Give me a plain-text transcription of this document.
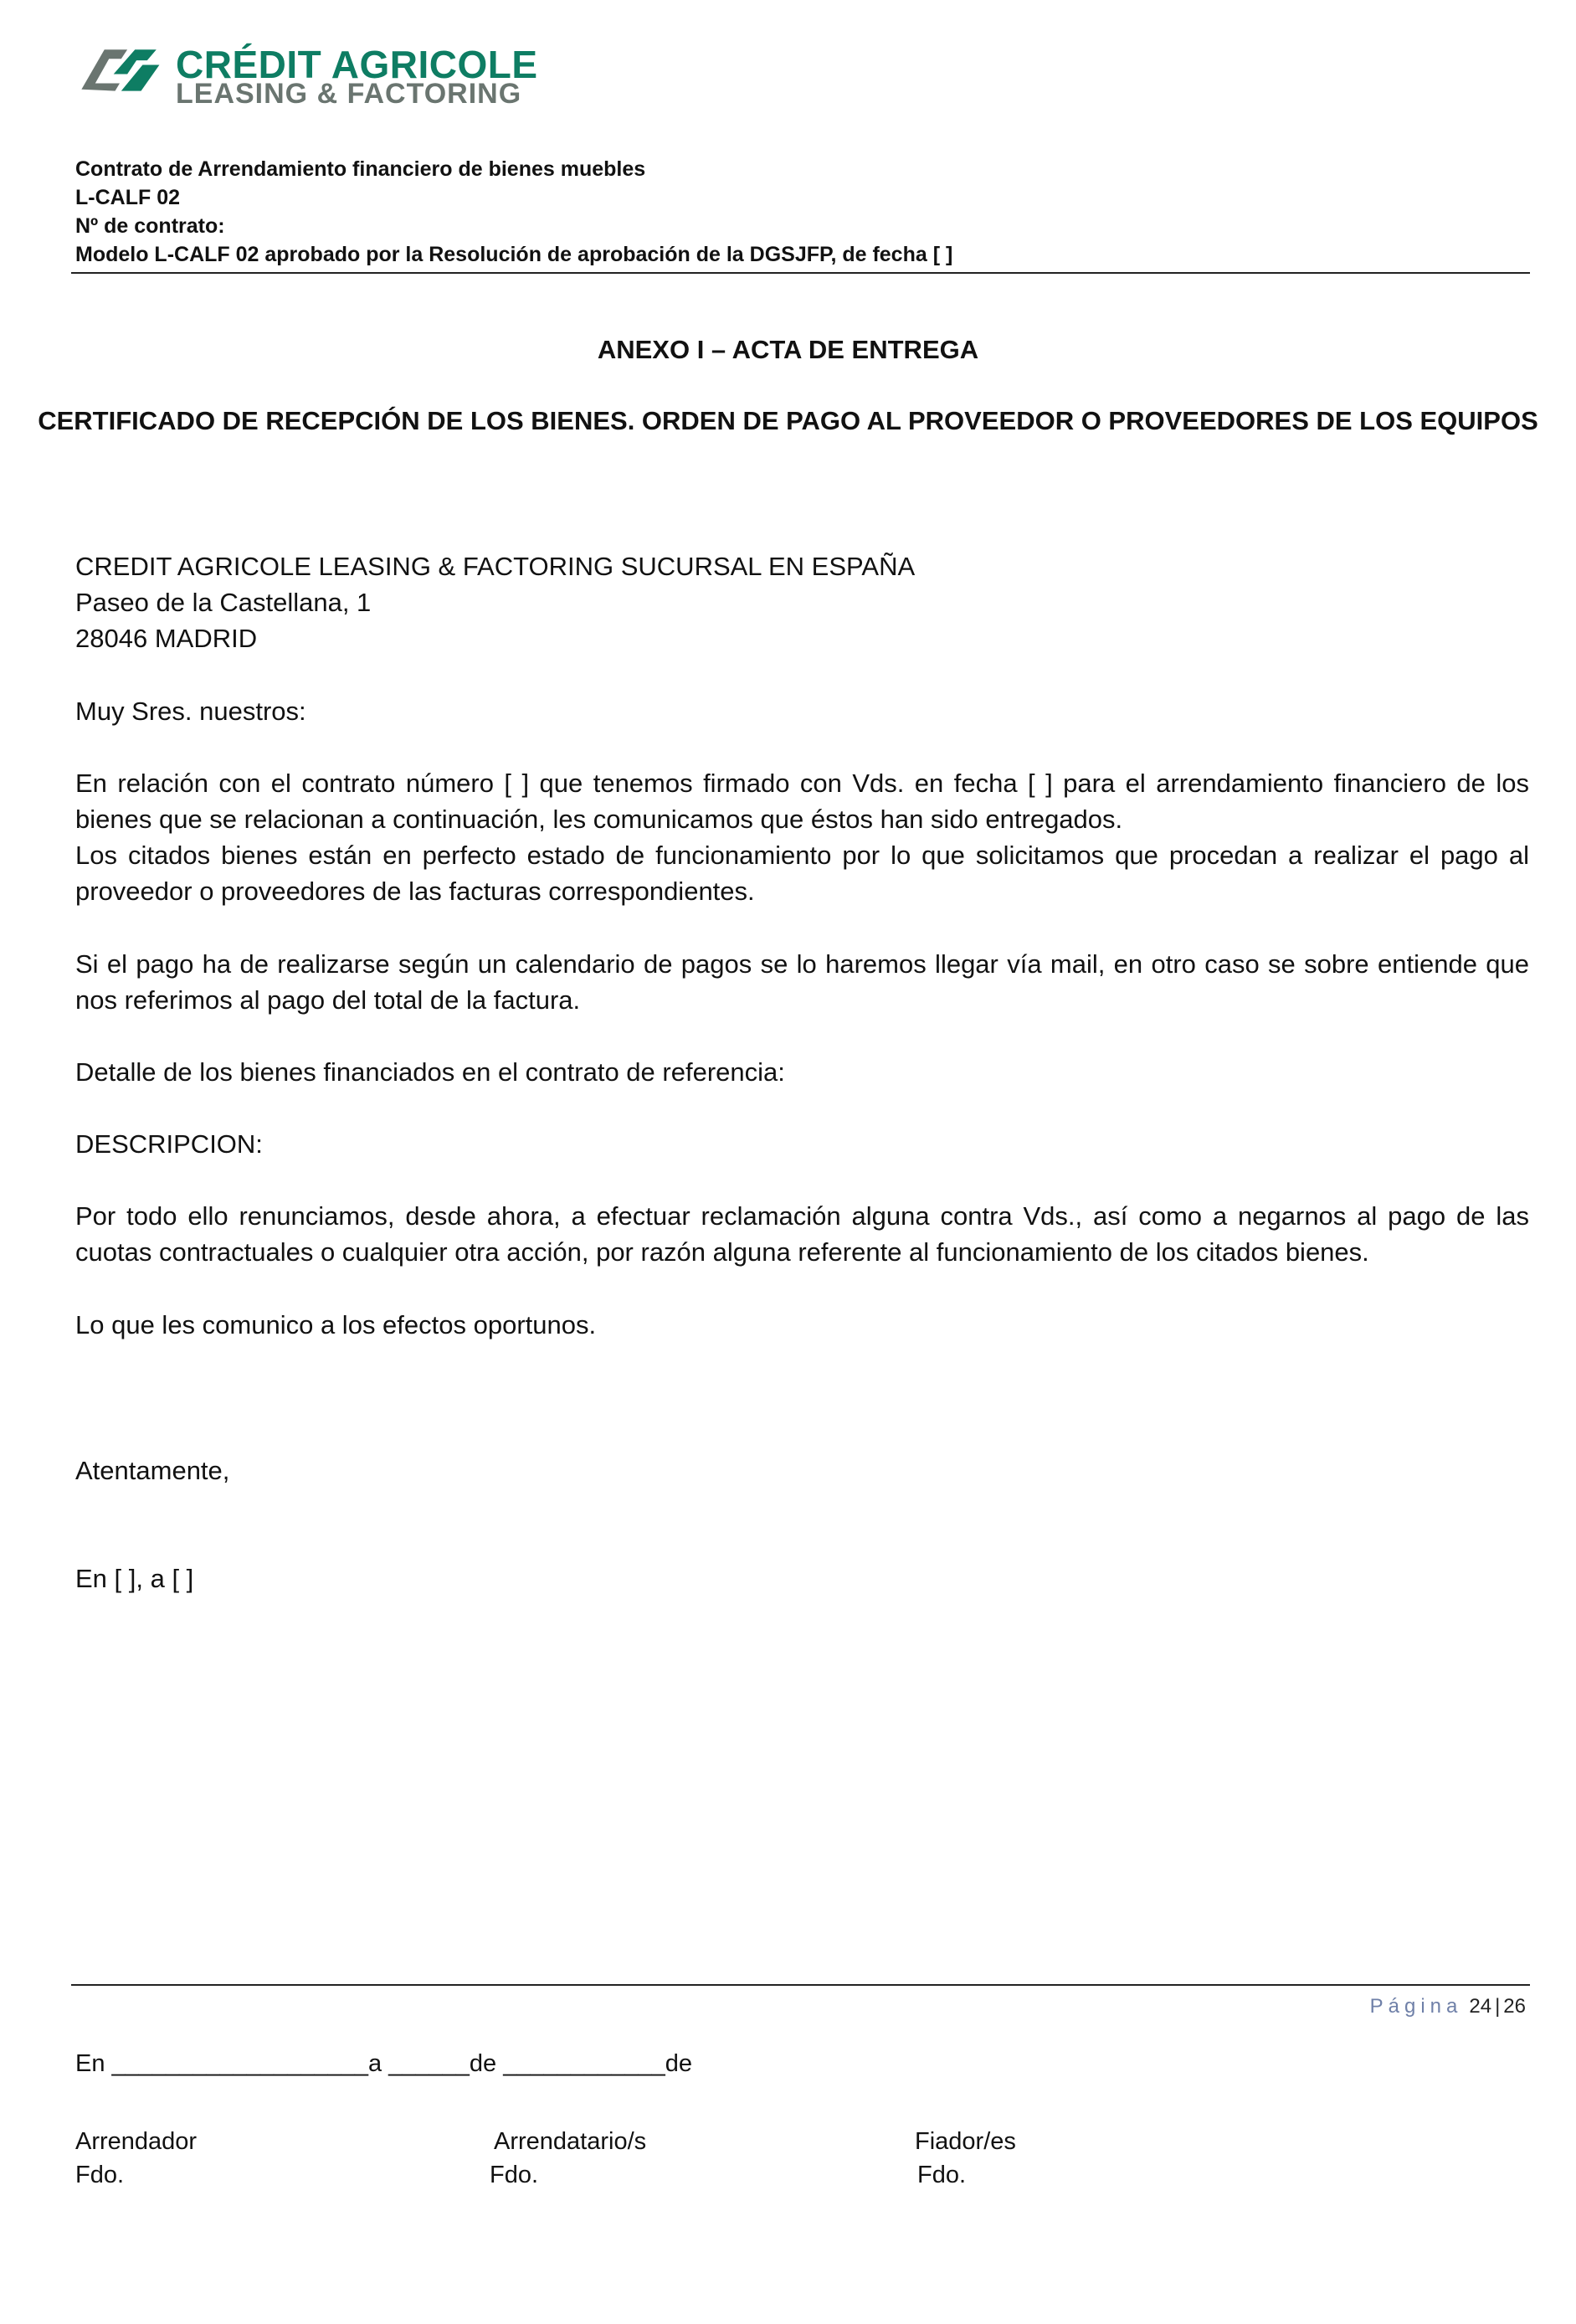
CRÉDIT AGRICOLE
LEASING & FACTORING
Contrato de Arrendamiento financiero de bienes muebles
L-CALF 02
Nº de contrato:
Modelo L-CALF 02 aprobado por la Resolución de aprobación de la DGSJFP, de fecha [ ]
ANEXO I – ACTA DE ENTREGA
CERTIFICADO DE RECEPCIÓN DE LOS BIENES. ORDEN DE PAGO AL PROVEEDOR O PROVEEDORES DE LOS EQUIPOS
CREDIT AGRICOLE LEASING & FACTORING SUCURSAL EN ESPAÑA
Paseo de la Castellana, 1
28046 MADRID
Muy Sres. nuestros:
En relación con el contrato número [ ] que tenemos firmado con Vds. en fecha [ ] para el arrendamiento financiero de los bienes que se relacionan a continuación, les comunicamos que éstos han sido entregados.
Los citados bienes están en perfecto estado de funcionamiento por lo que solicitamos que procedan a realizar el pago al proveedor o proveedores de las facturas correspondientes.
Si el pago ha de realizarse según un calendario de pagos se lo haremos llegar vía mail, en otro caso se sobre entiende que nos referimos al pago del total de la factura.
Detalle de los bienes financiados en el contrato de referencia:
DESCRIPCION:
Por todo ello renunciamos, desde ahora, a efectuar reclamación alguna contra Vds., así como a negarnos al pago de las cuotas contractuales o cualquier otra acción, por razón alguna referente al funcionamiento de los citados bienes.
Lo que les comunico a los efectos oportunos.
Atentamente,
En [ ], a [ ]
Página 24 | 26
En ___________________a ______de ____________de
Arrendador	Arrendatario/s	Fiador/es
Fdo.	Fdo.	Fdo.
